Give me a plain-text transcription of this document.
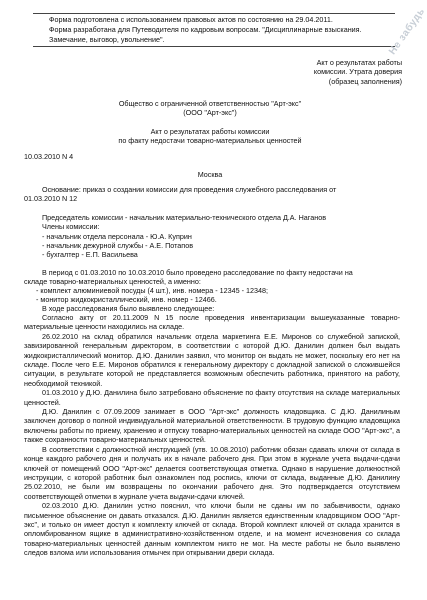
Форма подготовлена с использованием правовых актов по состоянию на 29.04.2011.
Форма разработана для Путеводителя по кадровым вопросам. "Дисциплинарные взыскания.
Замечание, выговор, увольнение".	Не забудь
Акт о результатах работы
комиссии. Утрата доверия
(образец заполнения)
Общество с ограниченной ответственностью "Арт-экс"
(ООО "Арт-экс")
Акт о результатах работы комиссии
по факту недостачи товарно-материальных ценностей
10.03.2010 N 4
Москва
Основание: приказ о создании комиссии для проведения служебного расследования от
01.03.2010 N 12
Председатель комиссии - начальник материально-технического отдела Д.А. Наганов
Члены комиссии:
- начальник отдела персонала - Ю.А. Куприн
- начальник дежурной службы - А.Е. Потапов
- бухгалтер - Е.П. Васильева
В период с 01.03.2010 по 10.03.2010 было проведено расследование по факту недостачи на
складе товарно-материальных ценностей, а именно:
- комплект алюминиевой посуды (4 шт.), инв. номера - 12345 - 12348;
- монитор жидкокристаллический, инв. номер - 12466.
В ходе расследования было выявлено следующее:

Согласно акту от 20.11.2009 N 15 после проведения инвентаризации вышеуказанные товарно-материальные ценности находились на складе.

26.02.2010 на склад обратился начальник отдела маркетинга Е.Е. Миронов со служебной запиской, завизированной генеральным директором, в соответствии с которой Д.Ю. Данилин должен был выдать жидкокристаллический монитор. Д.Ю. Данилин заявил, что монитор он выдать не может, поскольку его нет на складе. После чего Е.Е. Миронов обратился к генеральному директору с докладной запиской о сложившейся ситуации, в результате которой не представляется возможным обеспечить работника, принятого на работу, необходимой техникой.

01.03.2010 у Д.Ю. Данилина было затребовано объяснение по факту отсутствия на складе материальных ценностей.

Д.Ю. Данилин с 07.09.2009 занимает в ООО "Арт-экс" должность кладовщика. С Д.Ю. Данилиным заключен договор о полной индивидуальной материальной ответственности. В трудовую функцию кладовщика включены работы по приему, хранению и отпуску товарно-материальных ценностей на складе ООО "Арт-экс", а также сохранности товарно-материальных ценностей.

В соответствии с должностной инструкцией (утв. 10.08.2010) работник обязан сдавать ключи от склада в конце каждого рабочего дня и получать их в начале рабочего дня. При этом в журнале учета выдачи-сдачи ключей от помещений ООО "Арт-экс" делается соответствующая отметка. Однако в нарушение должностной инструкции, с которой работник был ознакомлен под роспись, ключи от склада, выданные Д.Ю. Данилину 25.02.2010, не были им возвращены по окончании рабочего дня. Это подтверждается отсутствием соответствующей отметки в журнале учета выдачи-сдачи ключей.

02.03.2010 Д.Ю. Данилин устно пояснил, что ключи были не сданы им по забывчивости, однако письменное объяснение он давать отказался. Д.Ю. Данилин является единственным кладовщиком ООО "Арт-экс", и только он имеет доступ к комплекту ключей от склада. Второй комплект ключей от склада хранится в опломбированном ящике в административно-хозяйственном отделе, и на момент исчезновения со склада товарно-материальных ценностей данным комплектом никто не мог. На месте работы не было выявлено следов взлома или использования отмычек при открывании двери склада.
